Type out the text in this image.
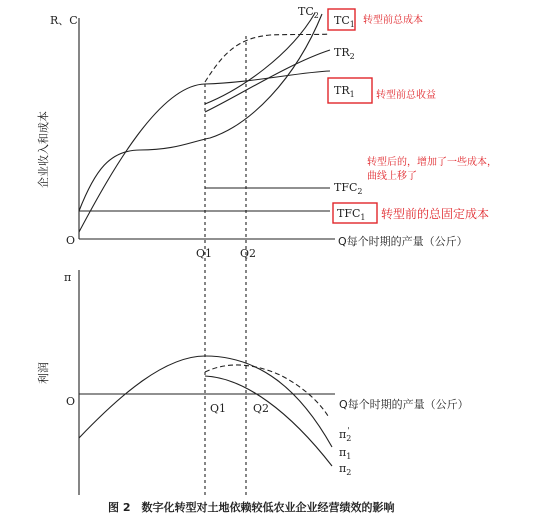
R、C
O	Q每个时期的产量（公斤）
Q1	Q2
企业收入和成本
$TC_2$ $TC_1$
$TR_2$
$TR_1$
$TFC_2$
$TFC_1$
转型前总成本
转型前总收益
转型后的，增加了一些成本，
曲线上移了
转型前的总固定成本
π
O	Q每个时期的产量（公斤）
Q1 Q2
利润
$\pi_2'$
$\pi_1$
$\pi_2$
图 2　数字化转型对土地依赖较低农业企业经营绩效的影响
